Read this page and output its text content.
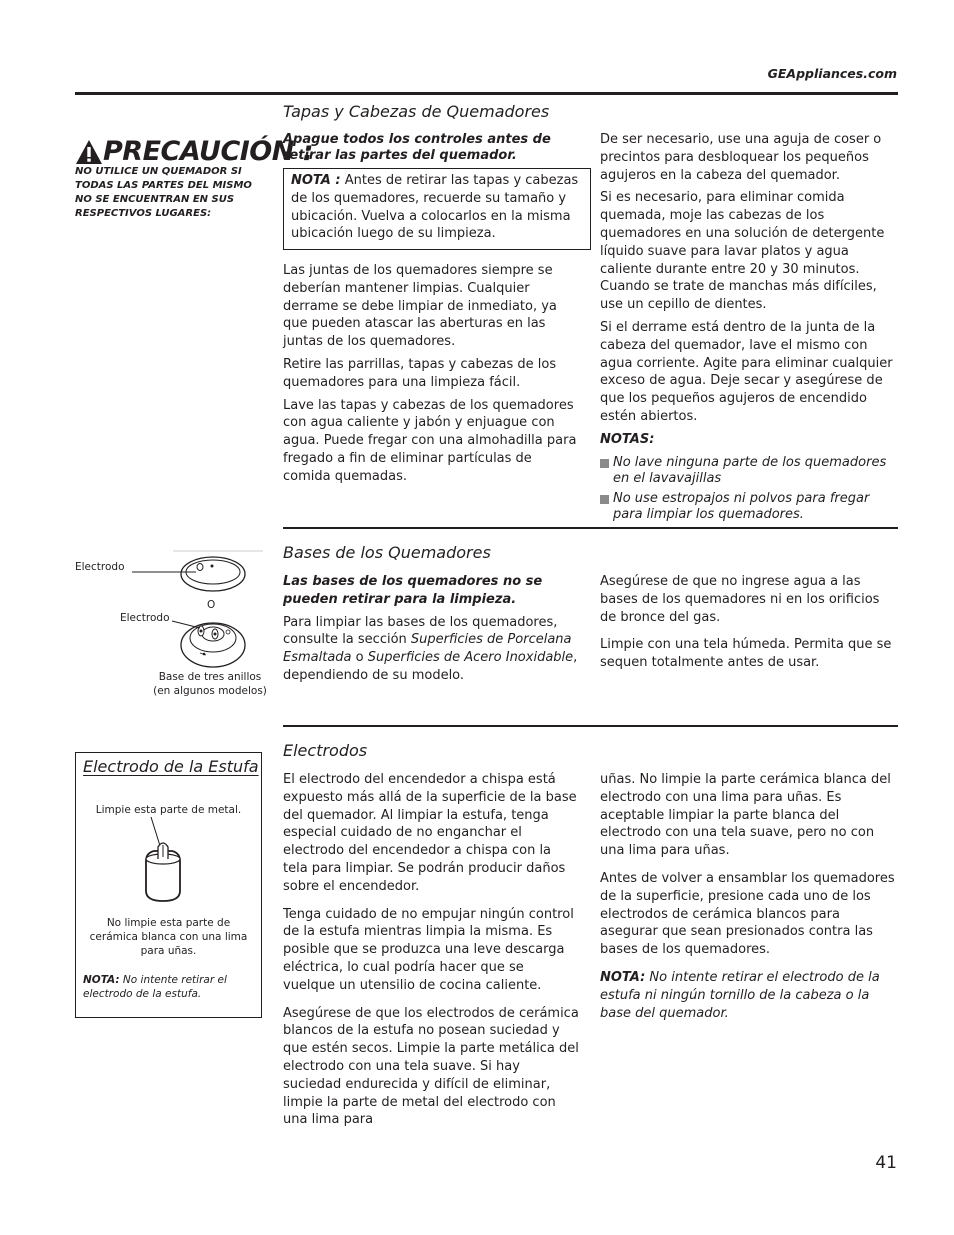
GEAppliances.com
PRECAUCIÓN :
NO UTILICE UN QUEMADOR SI TODAS LAS PARTES DEL MISMO NO SE ENCUENTRAN EN SUS RESPECTIVOS LUGARES:
Tapas y Cabezas de Quemadores
Apague todos los controles antes de retirar las partes del quemador.
NOTA : Antes de retirar las tapas y cabezas de los quemadores, recuerde su tamaño y ubicación. Vuelva a colocarlos en la misma ubicación luego de su limpieza.

Las juntas de los quemadores siempre se deberían mantener limpias. Cualquier derrame se debe limpiar de inmediato, ya que pueden atascar las aberturas en las juntas de los quemadores.

Retire las parrillas, tapas y cabezas de los quemadores para una limpieza fácil.

Lave las tapas y cabezas de los quemadores con agua caliente y jabón y enjuague con agua. Puede fregar con una almohadilla para fregado a fin de eliminar partículas de comida quemadas.

De ser necesario, use una aguja de coser o precintos para desbloquear los pequeños agujeros en la cabeza del quemador.

Si es necesario, para eliminar comida quemada, moje las cabezas de los quemadores en una solución de detergente líquido suave para lavar platos y agua caliente durante entre 20 y 30 minutos. Cuando se trate de manchas más difíciles, use un cepillo de dientes.

Si el derrame está dentro de la junta de la cabeza del quemador, lave el mismo con agua corriente. Agite para eliminar cualquier exceso de agua. Deje secar y asegúrese de que los pequeños agujeros de encendido estén abiertos.

NOTAS:

No lave ninguna parte de los quemadores en el lavavajillas
No use estropajos ni polvos para fregar para limpiar los quemadores.
Electrodo
O
Electrodo
Base de tres anillos
(en algunos modelos)
Bases de los Quemadores

Las bases de los quemadores no se pueden retirar para la limpieza.

Para limpiar las bases de los quemadores, consulte la sección Superficies de Porcelana Esmaltada o Superficies de Acero Inoxidable, dependiendo de su modelo.

Asegúrese de que no ingrese agua a las bases de los quemadores ni en los orificios de bronce del gas.

Limpie con una tela húmeda. Permita que se sequen totalmente antes de usar.

Electrodo de la Estufa
Limpie esta parte de metal.
No limpie esta parte de cerámica blanca con una lima para uñas.
NOTA: No intente retirar el electrodo de la estufa.
Electrodos

El electrodo del encendedor a chispa está expuesto más allá de la superficie de la base del quemador. Al limpiar la estufa, tenga especial cuidado de no enganchar el electrodo del encendedor a chispa con la tela para limpiar. Se podrán producir daños sobre el encendedor.

Tenga cuidado de no empujar ningún control de la estufa mientras limpia la misma. Es posible que se produzca una leve descarga eléctrica, lo cual podría hacer que se vuelque un utensilio de cocina caliente.

Asegúrese de que los electrodos de cerámica blancos de la estufa no posean suciedad y que estén secos. Limpie la parte metálica del electrodo con una tela suave. Si hay suciedad endurecida y difícil de eliminar, limpie la parte de metal del electrodo con una lima para

uñas. No limpie la parte cerámica blanca del electrodo con una lima para uñas. Es aceptable limpiar la parte blanca del electrodo con una tela suave, pero no con una lima para uñas.

Antes de volver a ensamblar los quemadores de la superficie, presione cada uno de los electrodos de cerámica blancos para asegurar que sean presionados contra las bases de los quemadores.

NOTA: No intente retirar el electrodo de la estufa ni ningún tornillo de la cabeza o la base del quemador.

41
